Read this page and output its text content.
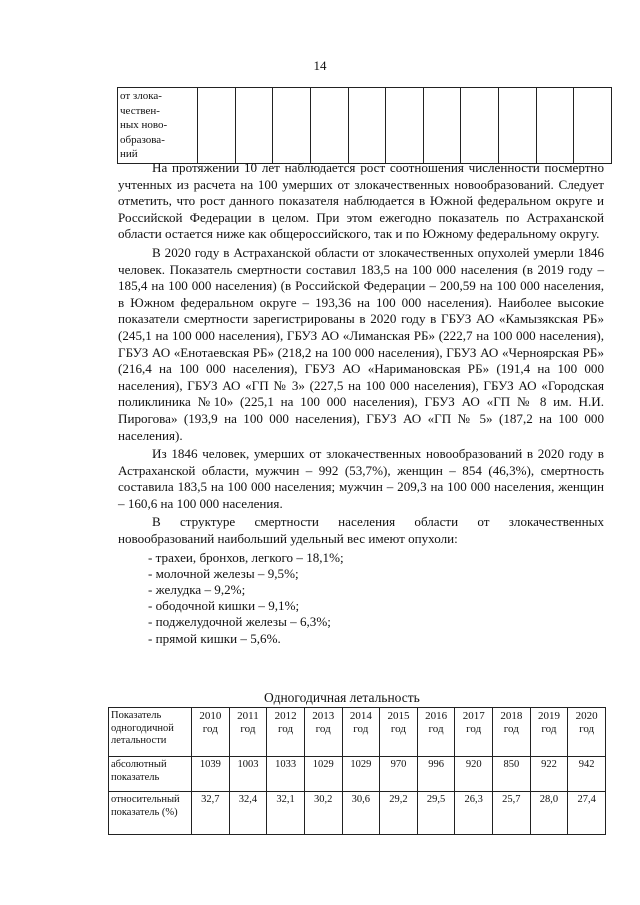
14
от злока-
чествен-
ных ново-
образова-
ний											

На протяжении 10 лет наблюдается рост соотношения численности посмертно учтенных из расчета на 100 умерших от злокачественных новообразований. Следует отметить, что рост данного показателя наблюдается в Южной федеральном округе и Российской Федерации в целом. При этом ежегодно показатель по Астраханской области остается ниже как общероссийского, так и по Южному федеральному округу.

В 2020 году в Астраханской области от злокачественных опухолей умерли 1846 человек. Показатель смертности составил 183,5 на 100 000 населения (в 2019 году – 185,4 на 100 000 населения) (в Российской Федерации – 200,59 на 100 000 населения, в Южном федеральном округе – 193,36 на 100 000 населения). Наиболее высокие показатели смертности зарегистрированы в 2020 году в ГБУЗ АО «Камызякская РБ» (245,1 на 100 000 населения), ГБУЗ АО «Лиманская РБ» (222,7 на 100 000 населения), ГБУЗ АО «Енотаевская РБ» (218,2 на 100 000 населения), ГБУЗ АО «Черноярская РБ» (216,4 на 100 000 населения), ГБУЗ АО «Наримановская РБ» (191,4 на 100 000 населения), ГБУЗ АО «ГП № 3» (227,5 на 100 000 населения), ГБУЗ АО «Городская поликлиника №10» (225,1 на 100 000 населения), ГБУЗ АО «ГП № 8 им. Н.И. Пирогова» (193,9 на 100 000 населения), ГБУЗ АО «ГП № 5» (187,2 на 100 000 населения).

Из 1846 человек, умерших от злокачественных новообразований в 2020 году в Астраханской области, мужчин – 992 (53,7%), женщин – 854 (46,3%), смертность составила 183,5 на 100 000 населения; мужчин – 209,3 на 100 000 населения, женщин – 160,6 на 100 000 населения.

В структуре смертности населения области от злокачественных новообразований наибольший удельный вес имеют опухоли:

- трахеи, бронхов, легкого – 18,1%;
- молочной железы – 9,5%;
- желудка – 9,2%;
- ободочной кишки – 9,1%;
- поджелудочной железы – 6,3%;
- прямой кишки – 5,6%.
Одногодичная летальность
Показатель одногодичной летальности	2010 год	2011 год	2012 год	2013 год	2014 год	2015 год	2016 год	2017 год	2018 год	2019 год	2020 год
абсолютный показатель	1039	1003	1033	1029	1029	970	996	920	850	922	942
относительный показатель (%)	32,7	32,4	32,1	30,2	30,6	29,2	29,5	26,3	25,7	28,0	27,4
